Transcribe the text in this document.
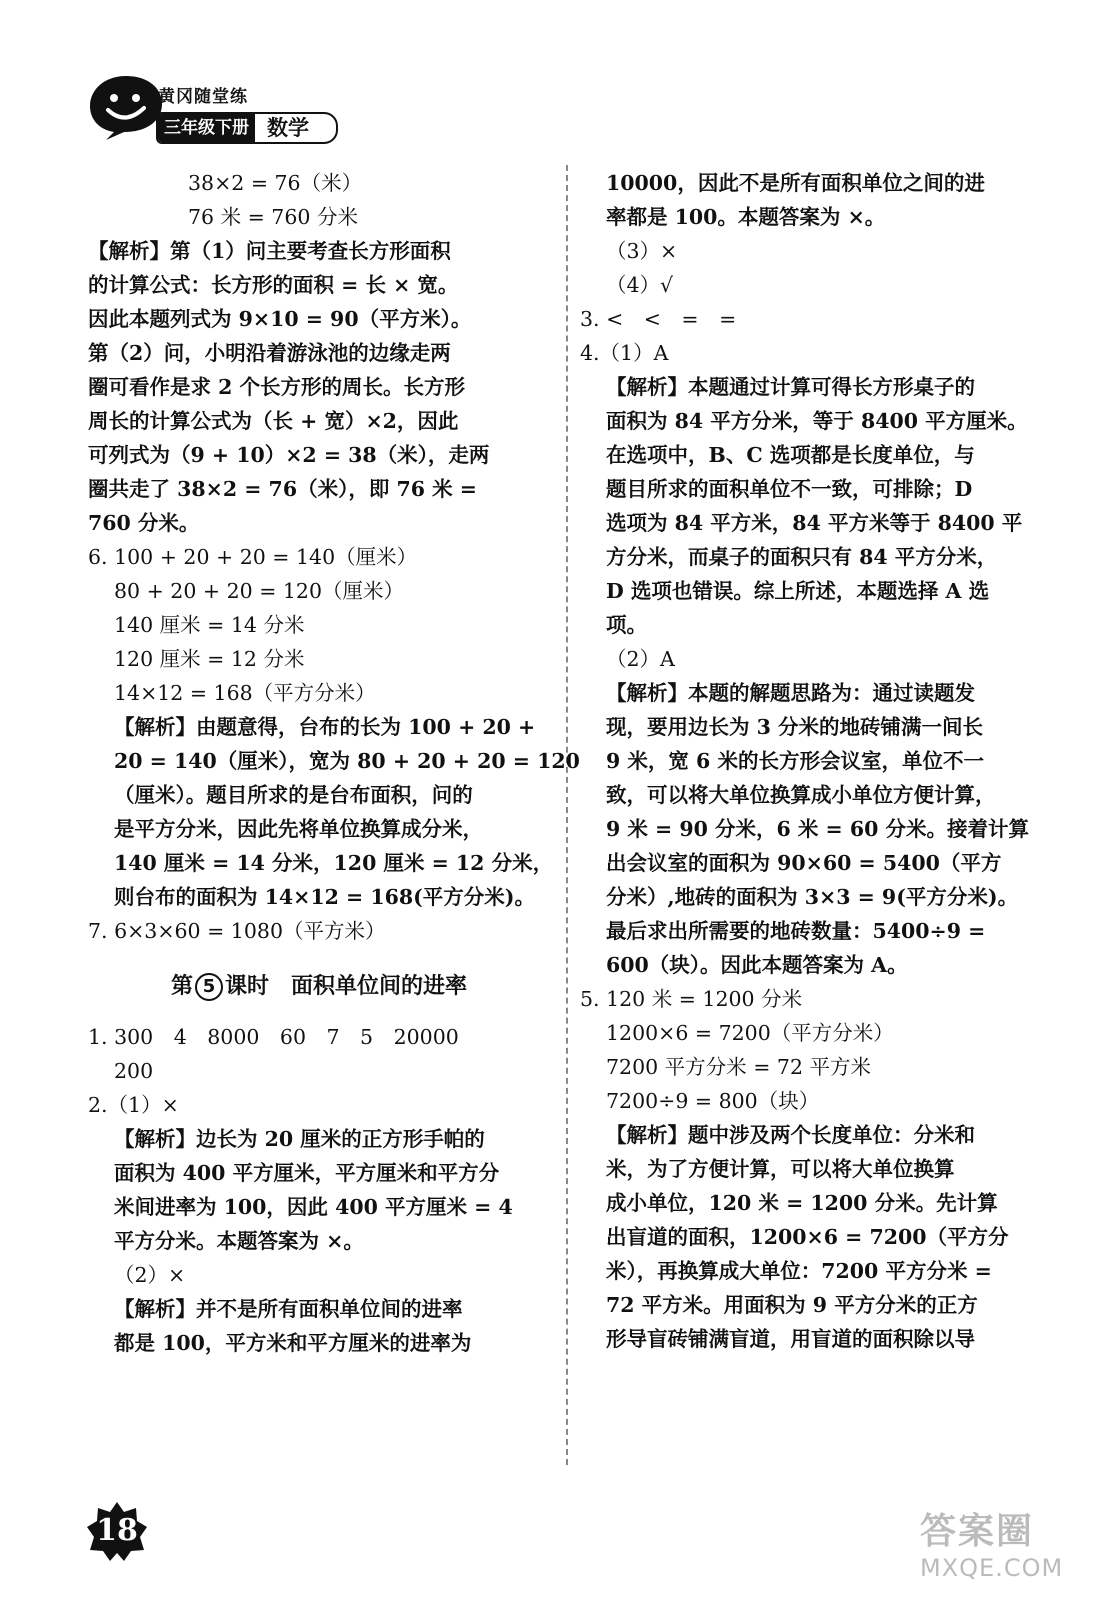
黄冈随堂练
三年级下册 数学
38×2 = 76（米）
76 米 = 760 分米
【解析】第（1）问主要考查长方形面积
的计算公式：长方形的面积 = 长 × 宽。
因此本题列式为 9×10 = 90（平方米）。
第（2）问，小明沿着游泳池的边缘走两
圈可看作是求 2 个长方形的周长。长方形
周长的计算公式为（长 + 宽）×2，因此
可列式为（9 + 10）×2 = 38（米），走两
圈共走了 38×2 = 76（米），即 76 米 =
760 分米。
6. 100 + 20 + 20 = 140（厘米）
80 + 20 + 20 = 120（厘米）
140 厘米 = 14 分米
120 厘米 = 12 分米
14×12 = 168（平方分米）
【解析】由题意得，台布的长为 100 + 20 +
20 = 140（厘米），宽为 80 + 20 + 20 = 120
（厘米）。题目所求的是台布面积，问的
是平方分米，因此先将单位换算成分米，
140 厘米 = 14 分米，120 厘米 = 12 分米，
则台布的面积为 14×12 = 168(平方分米)。
7. 6×3×60 = 1080（平方米）
第 5 课时　面积单位间的进率
1. 300　4　8000　60　7　5　20000
200
2.（1）×
【解析】边长为 20 厘米的正方形手帕的
面积为 400 平方厘米，平方厘米和平方分
米间进率为 100，因此 400 平方厘米 = 4
平方分米。本题答案为 ×。
（2）×
【解析】并不是所有面积单位间的进率
都是 100，平方米和平方厘米的进率为
10000，因此不是所有面积单位之间的进
率都是 100。本题答案为 ×。
（3）×
（4）√
3. <　<　=　=
4.（1）A
【解析】本题通过计算可得长方形桌子的
面积为 84 平方分米，等于 8400 平方厘米。
在选项中，B、C 选项都是长度单位，与
题目所求的面积单位不一致，可排除；D
选项为 84 平方米，84 平方米等于 8400 平
方分米，而桌子的面积只有 84 平方分米，
D 选项也错误。综上所述，本题选择 A 选
项。
（2）A
【解析】本题的解题思路为：通过读题发
现，要用边长为 3 分米的地砖铺满一间长
9 米，宽 6 米的长方形会议室，单位不一
致，可以将大单位换算成小单位方便计算，
9 米 = 90 分米，6 米 = 60 分米。接着计算
出会议室的面积为 90×60 = 5400（平方
分米）,地砖的面积为 3×3 = 9(平方分米)。
最后求出所需要的地砖数量：5400÷9 =
600（块）。因此本题答案为 A。
5. 120 米 = 1200 分米
1200×6 = 7200（平方分米）
7200 平方分米 = 72 平方米
7200÷9 = 800（块）
【解析】题中涉及两个长度单位：分米和
米，为了方便计算，可以将大单位换算
成小单位，120 米 = 1200 分米。先计算
出盲道的面积，1200×6 = 7200（平方分
米），再换算成大单位：7200 平方分米 =
72 平方米。用面积为 9 平方分米的正方
形导盲砖铺满盲道，用盲道的面积除以导
18	答案圈
MXQE.COM
